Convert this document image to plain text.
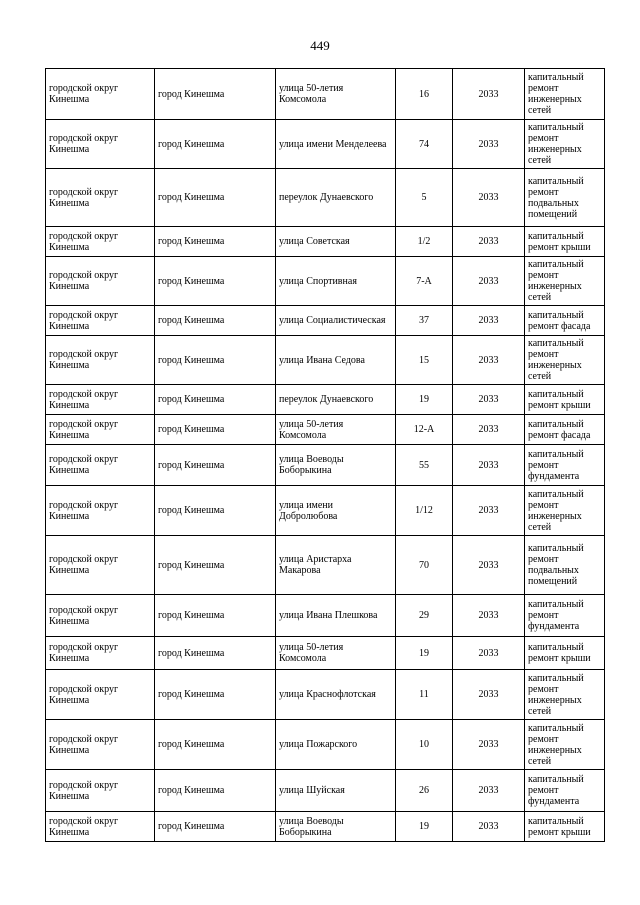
449
городской округ Кинешма	город Кинешма	улица 50-летия Комсомола	16	2033	капитальный ремонт инженерных сетей
городской округ Кинешма	город Кинешма	улица имени Менделеева	74	2033	капитальный ремонт инженерных сетей
городской округ Кинешма	город Кинешма	переулок Дунаевского	5	2033	капитальный ремонт подвальных помещений
городской округ Кинешма	город Кинешма	улица Советская	1/2	2033	капитальный ремонт крыши
городской округ Кинешма	город Кинешма	улица Спортивная	7-А	2033	капитальный ремонт инженерных сетей
городской округ Кинешма	город Кинешма	улица Социалистическая	37	2033	капитальный ремонт фасада
городской округ Кинешма	город Кинешма	улица Ивана Седова	15	2033	капитальный ремонт инженерных сетей
городской округ Кинешма	город Кинешма	переулок Дунаевского	19	2033	капитальный ремонт крыши
городской округ Кинешма	город Кинешма	улица 50-летия Комсомола	12-А	2033	капитальный ремонт фасада
городской округ Кинешма	город Кинешма	улица Воеводы Боборыкина	55	2033	капитальный ремонт фундамента
городской округ Кинешма	город Кинешма	улица имени Добролюбова	1/12	2033	капитальный ремонт инженерных сетей
городской округ Кинешма	город Кинешма	улица Аристарха Макарова	70	2033	капитальный ремонт подвальных помещений
городской округ Кинешма	город Кинешма	улица Ивана Плешкова	29	2033	капитальный ремонт фундамента
городской округ Кинешма	город Кинешма	улица 50-летия Комсомола	19	2033	капитальный ремонт крыши
городской округ Кинешма	город Кинешма	улица Краснофлотская	11	2033	капитальный ремонт инженерных сетей
городской округ Кинешма	город Кинешма	улица Пожарского	10	2033	капитальный ремонт инженерных сетей
городской округ Кинешма	город Кинешма	улица Шуйская	26	2033	капитальный ремонт фундамента
городской округ Кинешма	город Кинешма	улица Воеводы Боборыкина	19	2033	капитальный ремонт крыши
